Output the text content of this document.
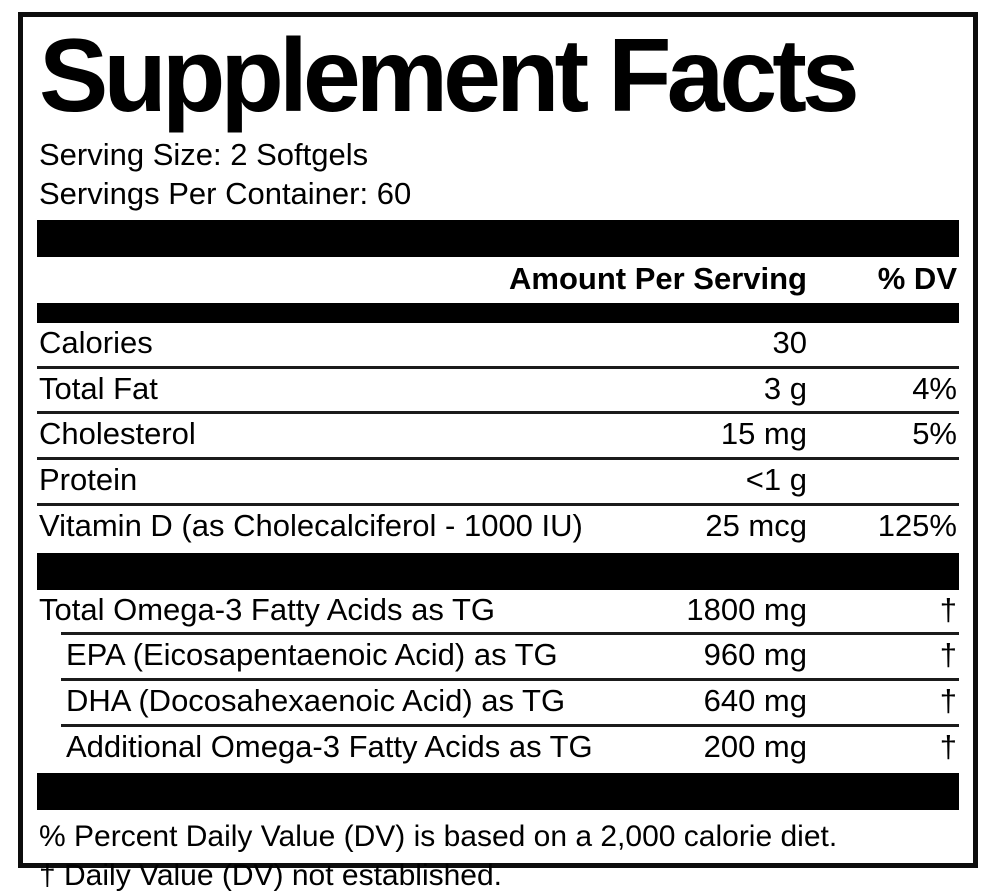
Supplement Facts
Serving Size: 2 Softgels
Servings Per Container: 60
Amount Per Serving	% DV
Calories	30
Total Fat	3 g	4%
Cholesterol	15 mg	5%
Protein	<1 g
Vitamin D (as Cholecalciferol - 1000 IU)	25 mcg	125%
Total Omega-3 Fatty Acids as TG	1800 mg	†
EPA (Eicosapentaenoic Acid) as TG	960 mg	†
DHA (Docosahexaenoic Acid) as TG	640 mg	†
Additional Omega-3 Fatty Acids as TG	200 mg	†
% Percent Daily Value (DV) is based on a 2,000 calorie diet.
† Daily Value (DV) not established.
